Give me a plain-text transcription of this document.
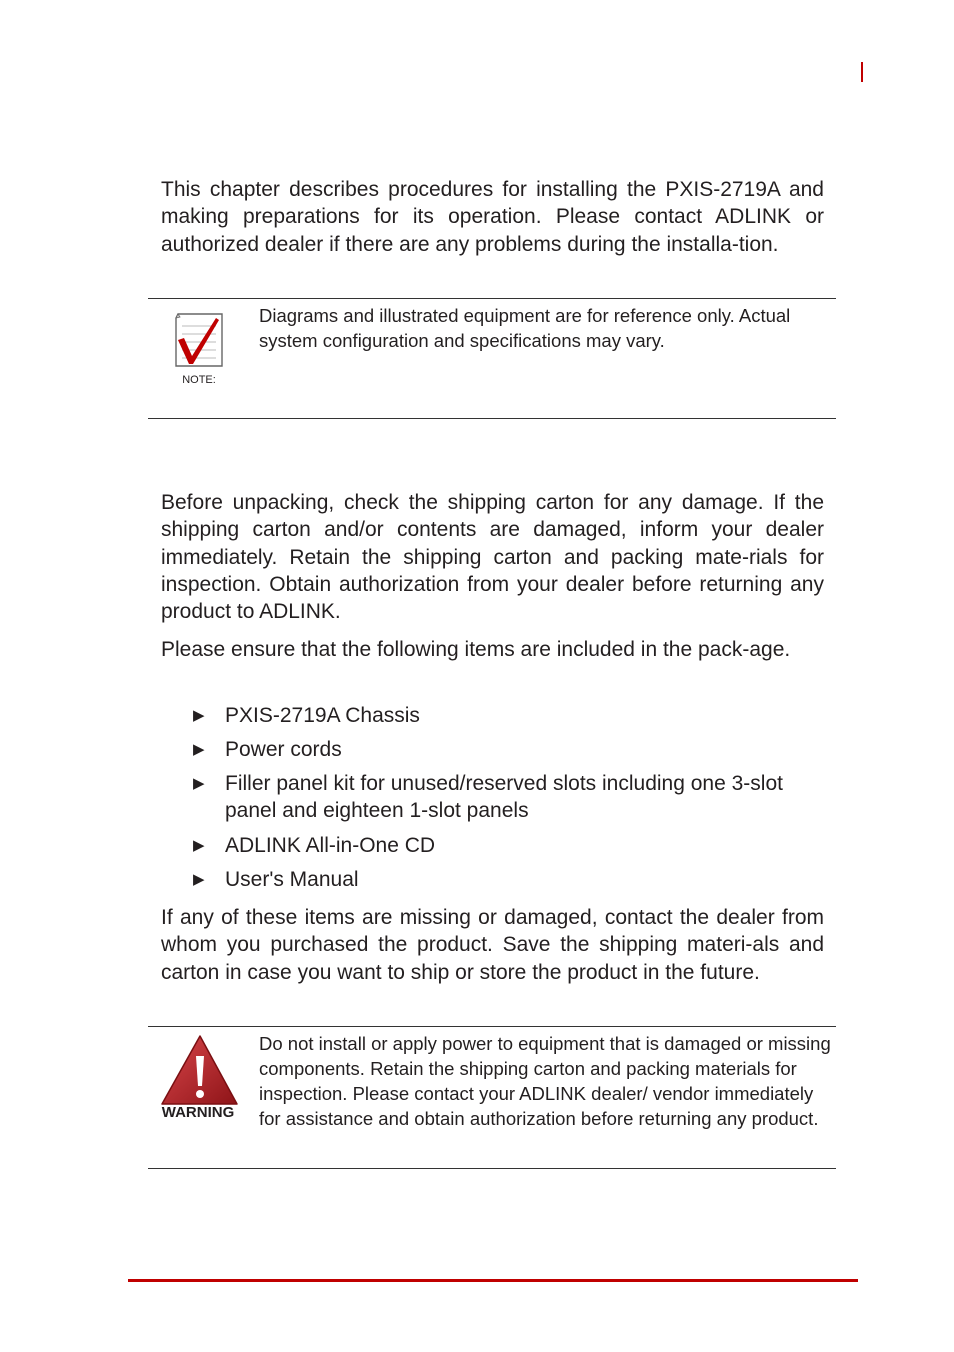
This chapter describes procedures for installing the PXIS-2719A and making preparations for its operation. Please contact ADLINK or authorized dealer if there are any problems during the installa-tion.

NOTE:

Diagrams and illustrated equipment are for reference only. Actual system configuration and specifications may vary.

Before unpacking, check the shipping carton for any damage. If the shipping carton and/or contents are damaged, inform your dealer immediately. Retain the shipping carton and packing mate-rials for inspection. Obtain authorization from your dealer before returning any product to ADLINK.

Please ensure that the following items are included in the pack-age.

▶ PXIS-2719A Chassis
▶ Power cords
▶ Filler panel kit for unused/reserved slots including one 3-slot panel and eighteen 1-slot panels
▶ ADLINK All-in-One CD
▶ User's Manual

If any of these items are missing or damaged, contact the dealer from whom you purchased the product. Save the shipping materi-als and carton in case you want to ship or store the product in the future.

WARNING

Do not install or apply power to equipment that is damaged or missing components. Retain the shipping carton and packing materials for inspection. Please contact your ADLINK dealer/ vendor immediately for assistance and obtain authorization before returning any product.
